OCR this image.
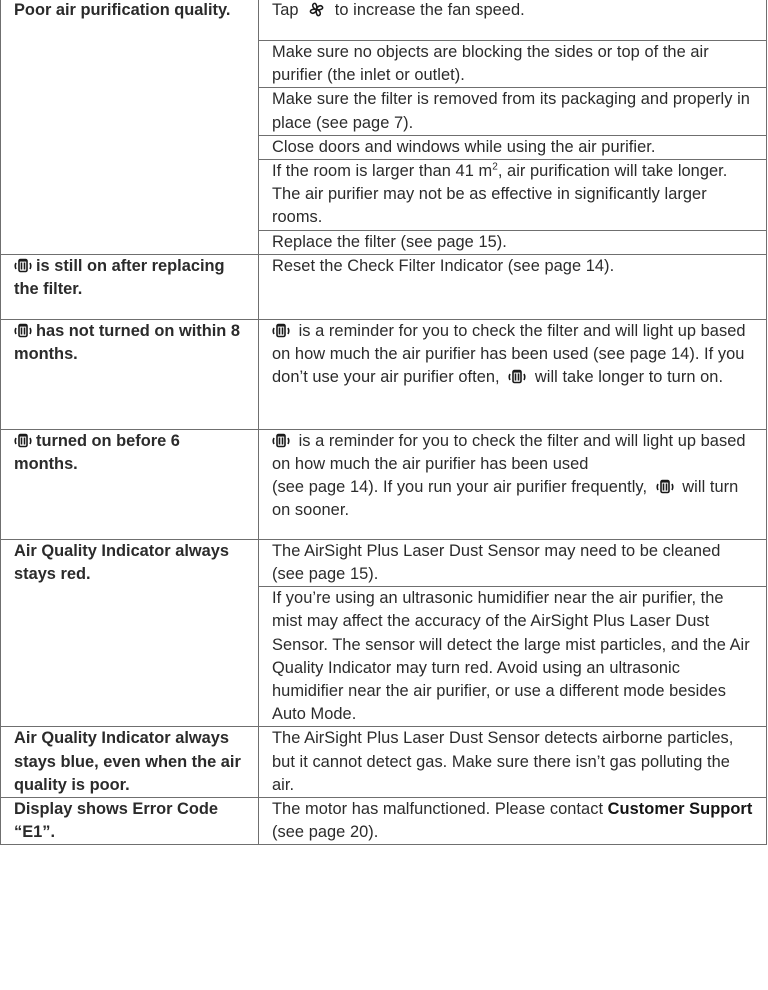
Poor air purification quality.	Tap to increase the fan speed.
	Make sure no objects are blocking the sides or top of the air purifier (the inlet or outlet).
	Make sure the filter is removed from its packaging and properly in place (see page 7).
	Close doors and windows while using the air purifier.
	If the room is larger than 41 $m^2$, air purification will take longer. The air purifier may not be as effective in significantly larger rooms.
	Replace the filter (see page 15).

is still on after replacing the filter.	Reset the Check Filter Indicator (see page 14).

has not turned on within 8 months.	is a reminder for you to check the filter and will light up based on how much the air purifier has been used (see page 14). If you don’t use your air purifier often, will take longer to turn on.

turned on before 6 months.	is a reminder for you to check the filter and will light up based on how much the air purifier has been used
(see page 14). If you run your air purifier frequently, will turn on sooner.
Air Quality Indicator always stays red.	The AirSight Plus Laser Dust Sensor may need to be cleaned (see page 15).
	If you’re using an ultrasonic humidifier near the air purifier, the mist may affect the accuracy of the AirSight Plus Laser Dust Sensor. The sensor will detect the large mist particles, and the Air Quality Indicator may turn red. Avoid using an ultrasonic humidifier near the air purifier, or use a different mode besides Auto Mode.
Air Quality Indicator always stays blue, even when the air quality is poor.	The AirSight Plus Laser Dust Sensor detects airborne particles, but it cannot detect gas. Make sure there isn’t gas polluting the air.
Display shows Error Code “E1”.	The motor has malfunctioned. Please contact Customer Support (see page 20).
